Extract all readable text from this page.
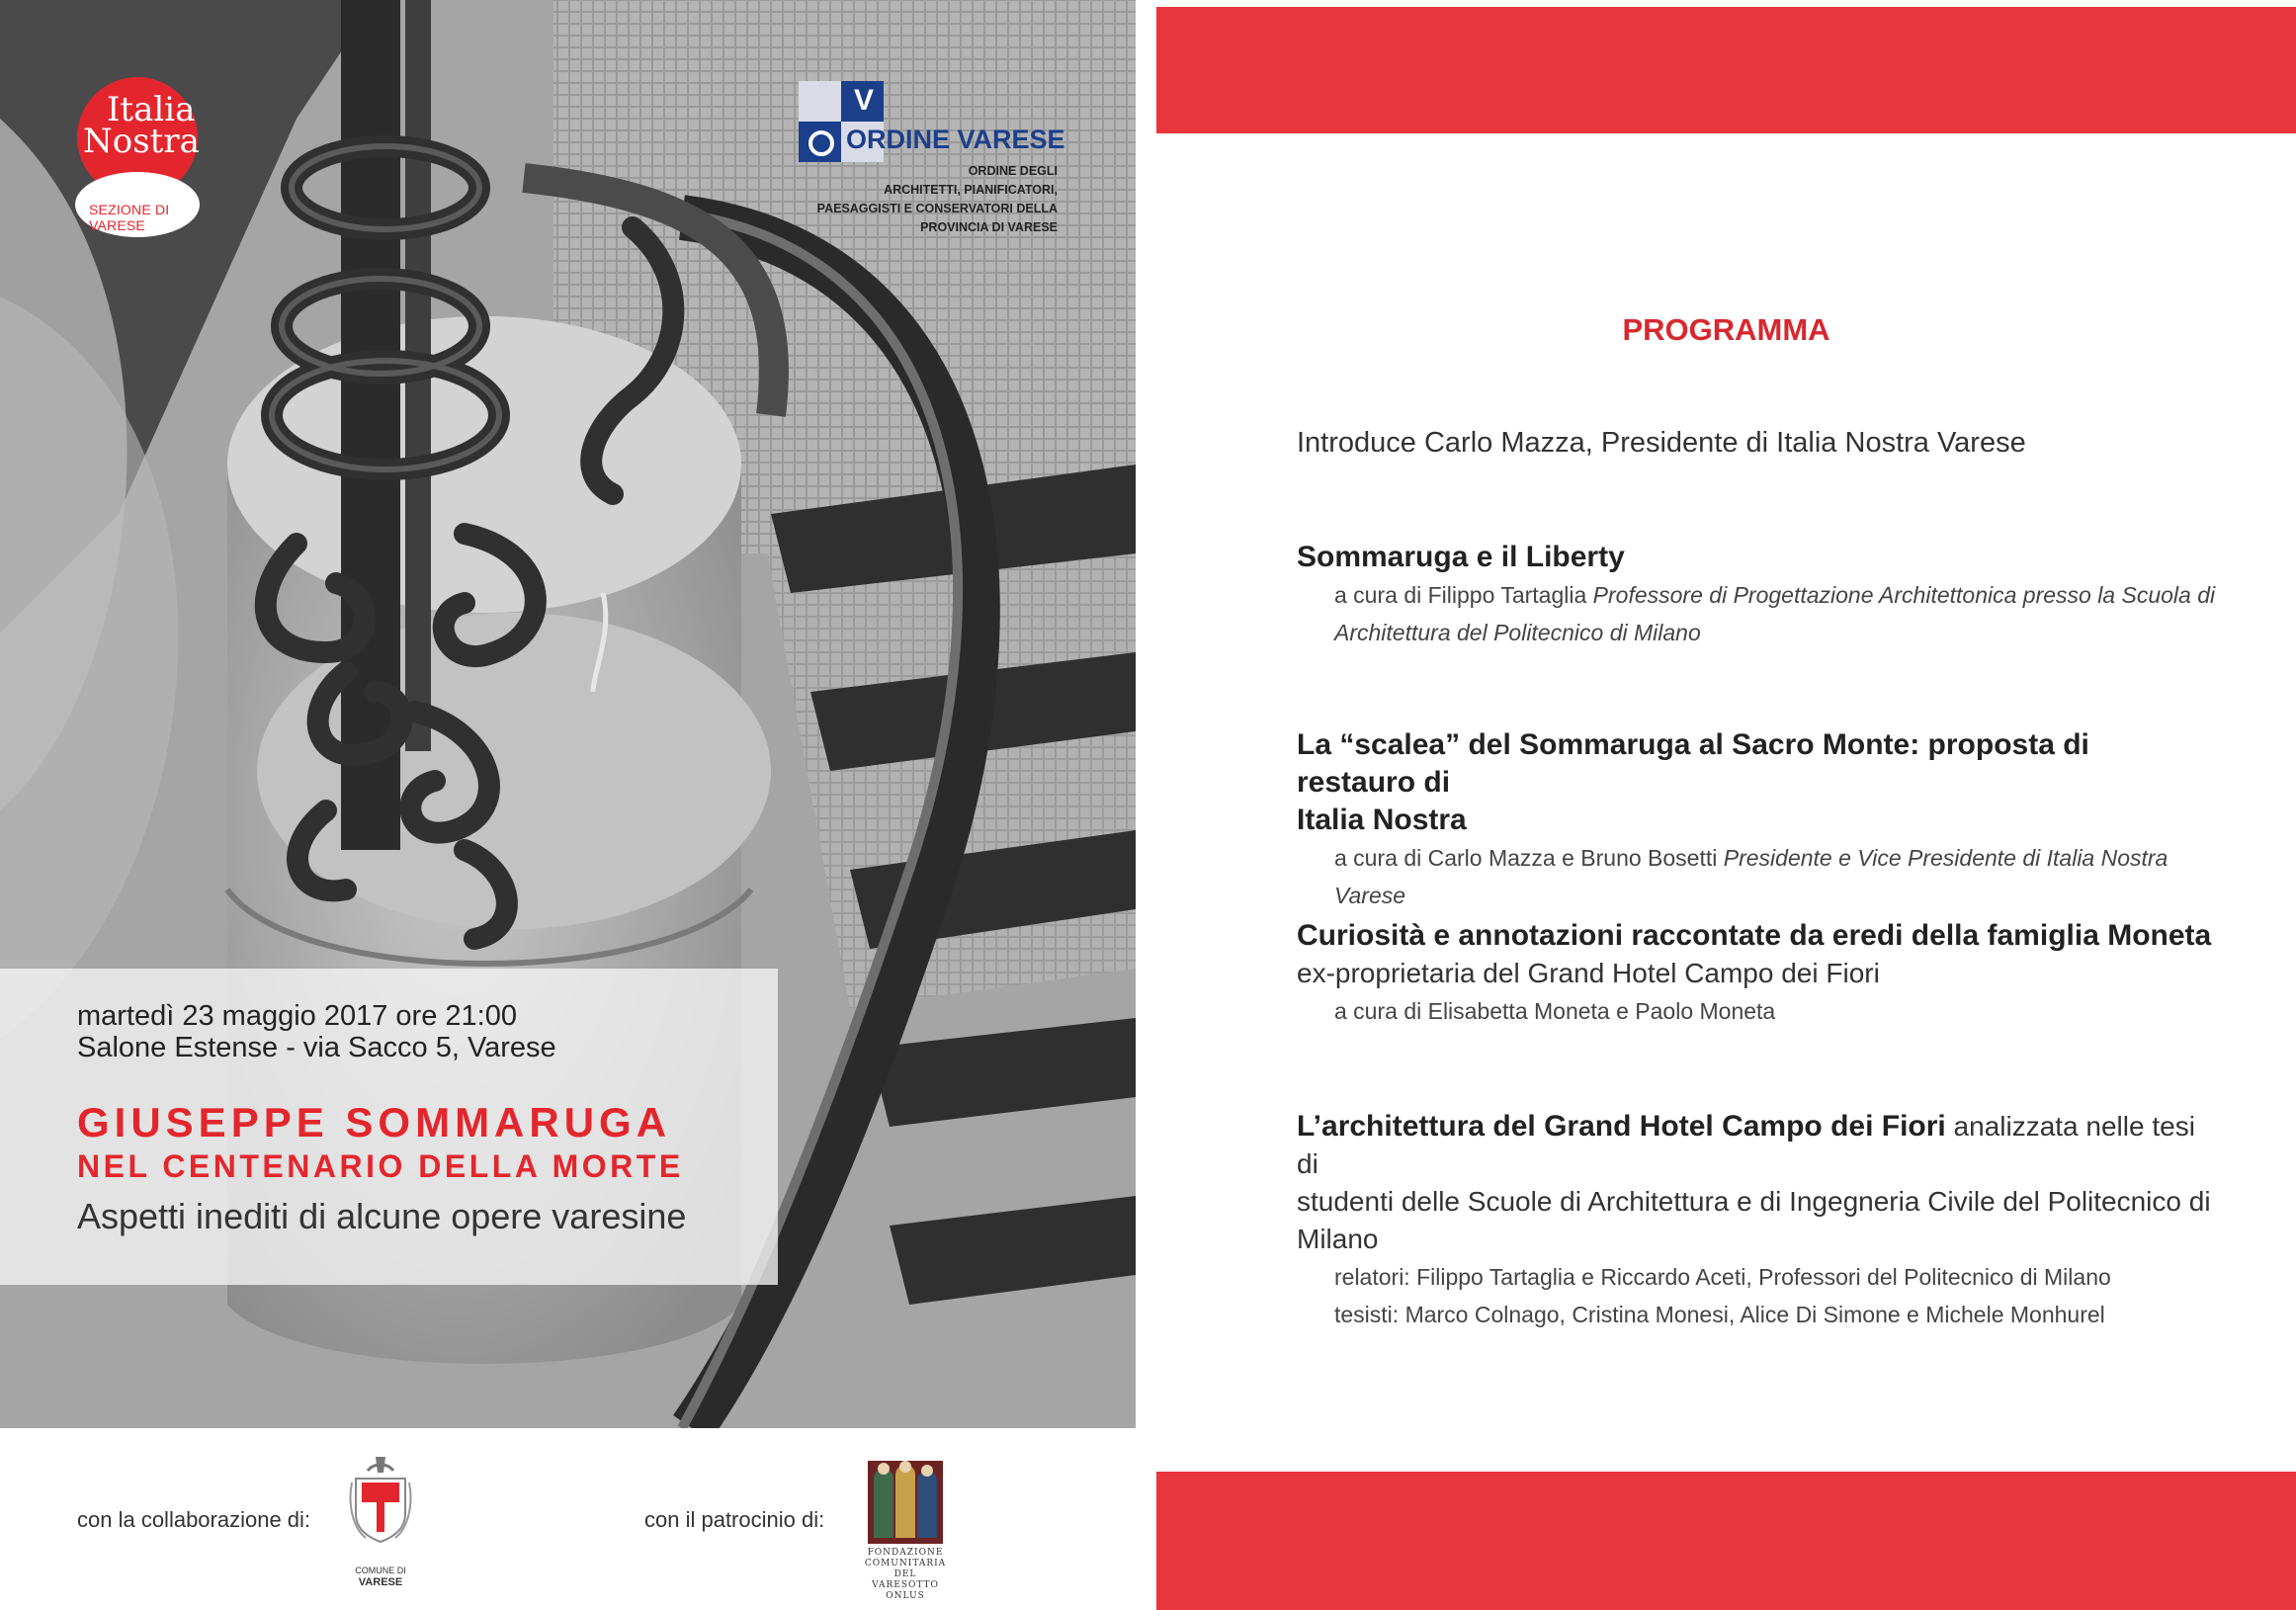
Italia
Nostra
SEZIONE DI VARESE
V
ORDINE VARESE
ORDINE DEGLI
ARCHITETTI, PIANIFICATORI,
PAESAGGISTI E CONSERVATORI DELLA
PROVINCIA DI VARESE
martedì 23 maggio 2017 ore 21:00
Salone Estense - via Sacco 5, Varese
GIUSEPPE SOMMARUGA
NEL CENTENARIO DELLA MORTE
Aspetti inediti di alcune opere varesine
con la collaborazione di:
COMUNE DI
VARESE
con il patrocinio di:
FONDAZIONE
COMUNITARIA
DEL VARESOTTO
ONLUS
PROGRAMMA
Introduce Carlo Mazza, Presidente di Italia Nostra Varese
Sommaruga e il Liberty
a cura di Filippo Tartaglia Professore di Progettazione Architettonica presso la Scuola di
Architettura del Politecnico di Milano
La “scalea” del Sommaruga al Sacro Monte: proposta di restauro di
Italia Nostra
a cura di Carlo Mazza e Bruno Bosetti Presidente e Vice Presidente di Italia Nostra Varese
Curiosità e annotazioni raccontate da eredi della famiglia Moneta
ex-proprietaria del Grand Hotel Campo dei Fiori
a cura di Elisabetta Moneta e Paolo Moneta
L’architettura del Grand Hotel Campo dei Fiori analizzata nelle tesi di
studenti delle Scuole di Architettura e di Ingegneria Civile del Politecnico di
Milano
relatori: Filippo Tartaglia e Riccardo Aceti, Professori del Politecnico di Milano
tesisti: Marco Colnago, Cristina Monesi, Alice Di Simone e Michele Monhurel
